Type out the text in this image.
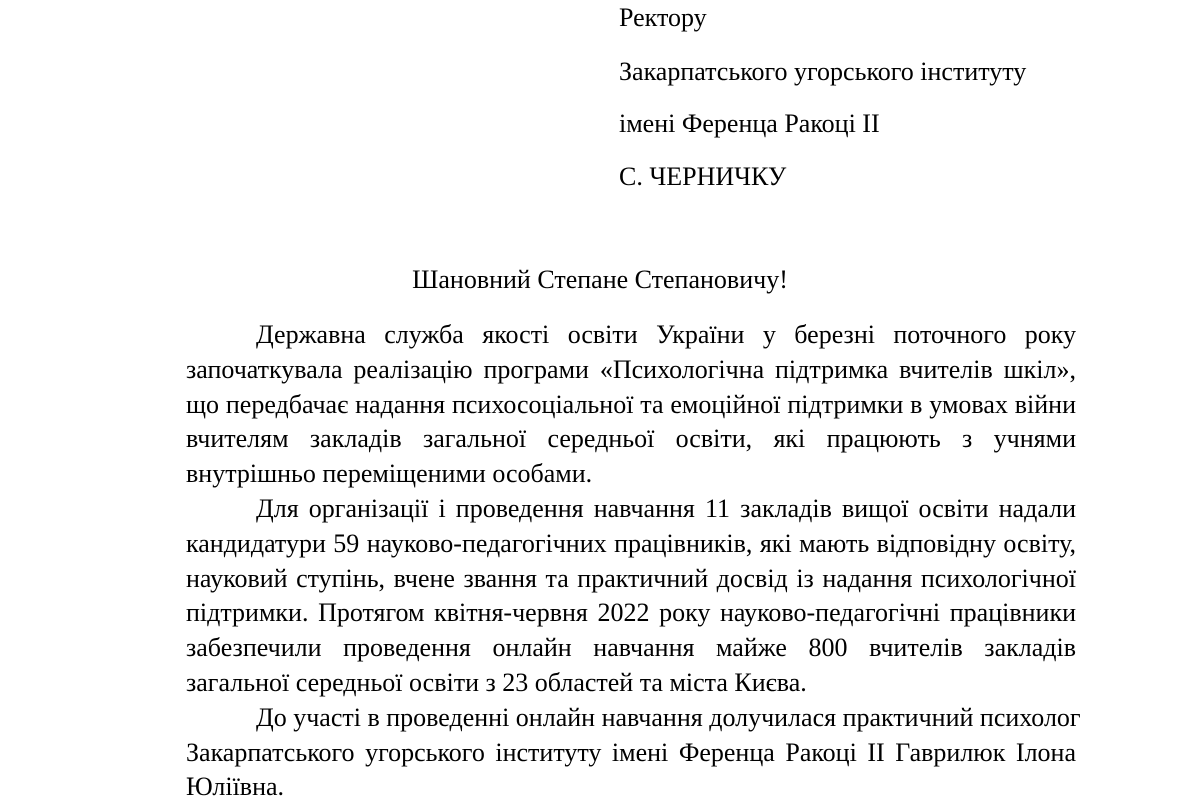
Ректору
Закарпатського угорського інституту
імені Ференца Ракоці ІІ
С. ЧЕРНИЧКУ
Шановний Степане Степановичу!
Державна служба якості освіти України у березні поточного року
започаткувала реалізацію програми «Психологічна підтримка вчителів шкіл»,
що передбачає надання психосоціальної та емоційної підтримки в умовах війни
вчителям закладів загальної середньої освіти, які працюють з учнями
внутрішньо переміщеними особами.
Для організації і проведення навчання 11 закладів вищої освіти надали
кандидатури 59 науково-педагогічних працівників, які мають відповідну освіту,
науковий ступінь, вчене звання та практичний досвід із надання психологічної
підтримки. Протягом квітня-червня 2022 року науково-педагогічні працівники
забезпечили проведення онлайн навчання майже 800 вчителів закладів
загальної середньої освіти з 23 областей та міста Києва.
До участі в проведенні онлайн навчання долучилася практичний психолог
Закарпатського угорського інституту імені Ференца Ракоці ІІ Гаврилюк Ілона
Юліївна.
